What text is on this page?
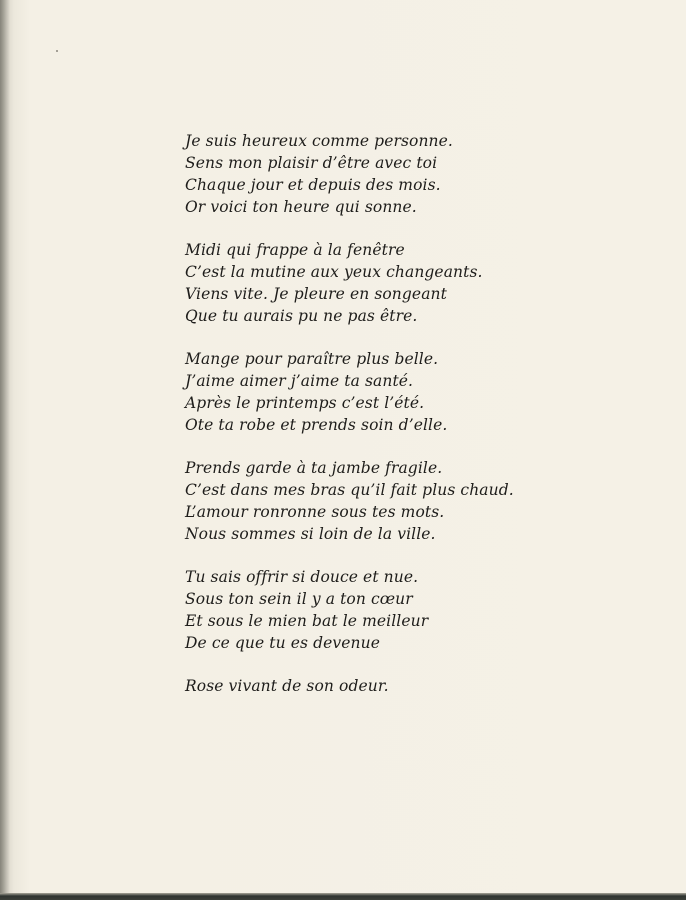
Je suis heureux comme personne.
Sens mon plaisir d’être avec toi
Chaque jour et depuis des mois.
Or voici ton heure qui sonne.
Midi qui frappe à la fenêtre
C’est la mutine aux yeux changeants.
Viens vite. Je pleure en songeant
Que tu aurais pu ne pas être.
Mange pour paraître plus belle.
J’aime aimer j’aime ta santé.
Après le printemps c’est l’été.
Ote ta robe et prends soin d’elle.
Prends garde à ta jambe fragile.
C’est dans mes bras qu’il fait plus chaud.
L’amour ronronne sous tes mots.
Nous sommes si loin de la ville.
Tu sais offrir si douce et nue.
Sous ton sein il y a ton cœur
Et sous le mien bat le meilleur
De ce que tu es devenue
Rose vivant de son odeur.
